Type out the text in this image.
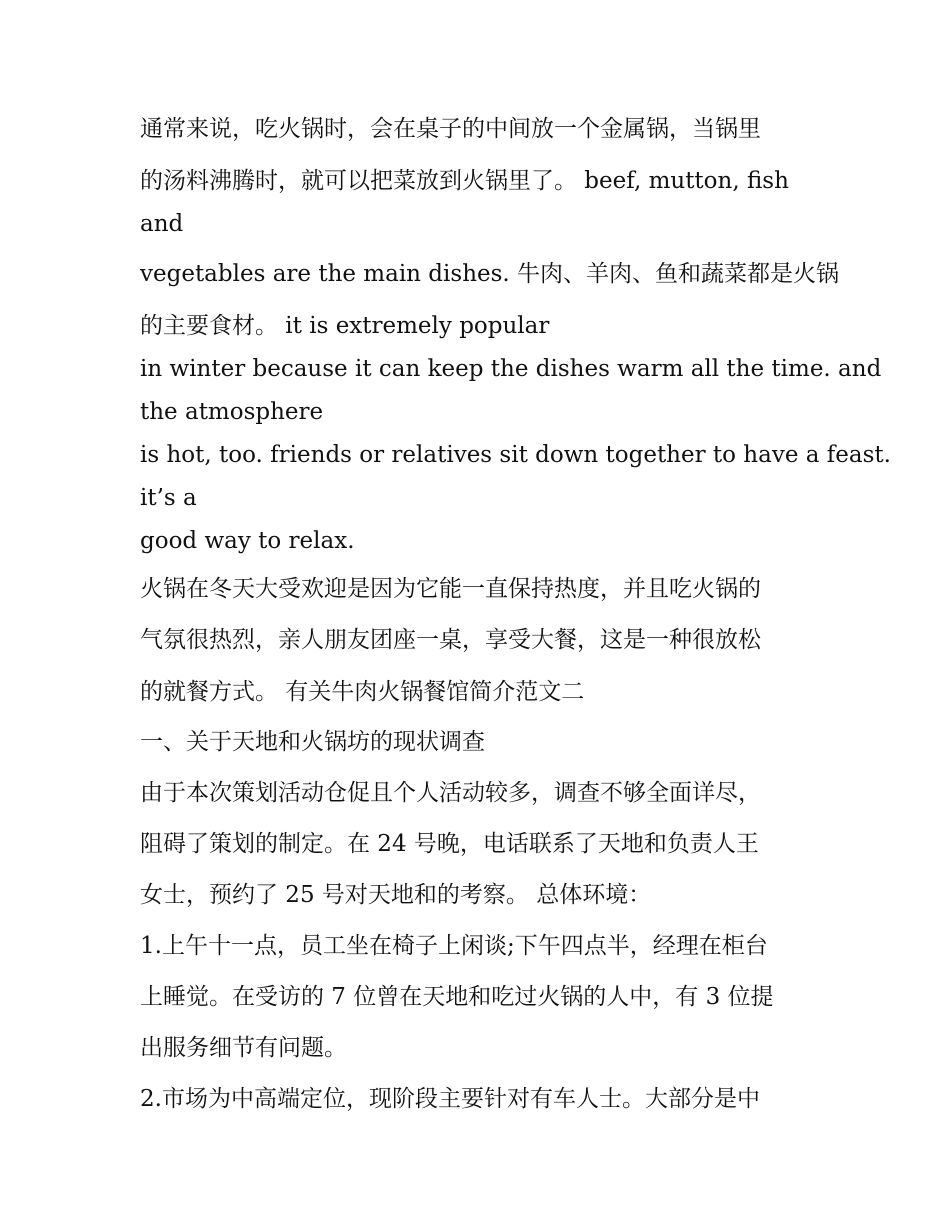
通常来说，吃火锅时，会在桌子的中间放一个金属锅，当锅里
的汤料沸腾时，就可以把菜放到火锅里了。 beef, mutton, fish
and
vegetables are the main dishes. 牛肉、羊肉、鱼和蔬菜都是火锅
的主要食材。 it is extremely popular
in winter because it can keep the dishes warm all the time. and
the atmosphere
is hot, too. friends or relatives sit down together to have a feast.
it’s a
good way to relax.
火锅在冬天大受欢迎是因为它能一直保持热度，并且吃火锅的
气氛很热烈，亲人朋友团座一桌，享受大餐，这是一种很放松
的就餐方式。 有关牛肉火锅餐馆简介范文二
一、关于天地和火锅坊的现状调查
由于本次策划活动仓促且个人活动较多，调查不够全面详尽，
阻碍了策划的制定。在 24 号晚，电话联系了天地和负责人王
女士，预约了 25 号对天地和的考察。 总体环境：
1.上午十一点，员工坐在椅子上闲谈;下午四点半，经理在柜台
上睡觉。在受访的 7 位曾在天地和吃过火锅的人中，有 3 位提
出服务细节有问题。
2.市场为中高端定位，现阶段主要针对有车人士。大部分是中
